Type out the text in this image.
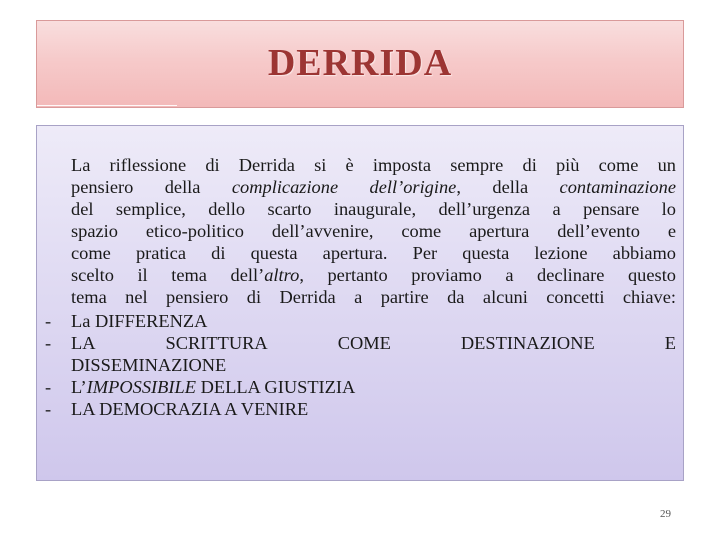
DERRIDA
La riflessione di Derrida si è imposta sempre di più come un
pensiero della complicazione dell’origine, della contaminazione
del semplice, dello scarto inaugurale, dell’urgenza a pensare lo
spazio etico-politico dell’avvenire, come apertura dell’evento e
come pratica di questa apertura. Per questa lezione abbiamo
scelto il tema dell’altro, pertanto proviamo a declinare questo
tema nel pensiero di Derrida a partire da alcuni concetti chiave:
- La DIFFERENZA
- LA	SCRITTURA	COME	DESTINAZIONE	E
DISSEMINAZIONE
- L’IMPOSSIBILE DELLA GIUSTIZIA
- LA DEMOCRAZIA A VENIRE
29
